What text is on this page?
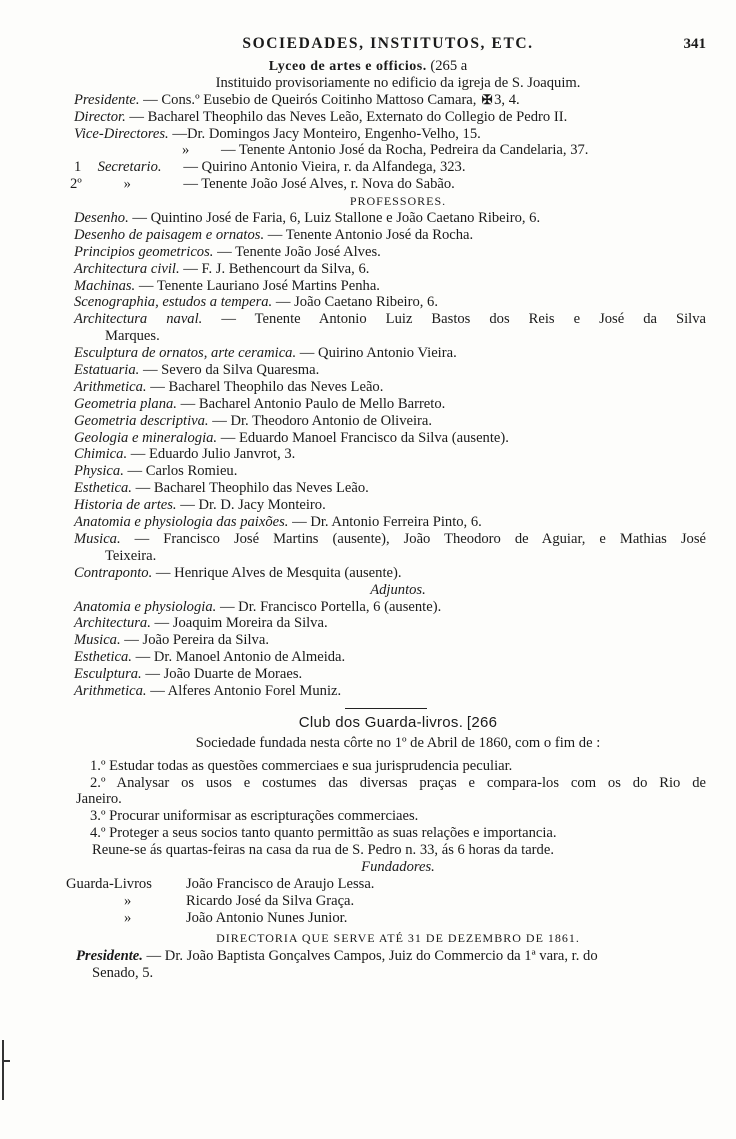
SOCIEDADES, INSTITUTOS, ETC.	341
Lyceo de artes e officios. (265 a
Instituido provisoriamente no edificio da igreja de S. Joaquim.
Presidente. — Cons.º Eusebio de Queirós Coitinho Mattoso Camara, ✠ 3, 4.
Director. — Bacharel Theophilo das Neves Leão, Externato do Collegio de Pedro II.
Vice-Directores. —Dr. Domingos Jacy Monteiro, Engenho-Velho, 15.
» — Tenente Antonio José da Rocha, Pedreira da Candelaria, 37.
1 Secretario. — Quirino Antonio Vieira, r. da Alfandega, 323.
2º	»	— Tenente João José Alves, r. Nova do Sabão.
PROFESSORES.
Desenho. — Quintino José de Faria, 6, Luiz Stallone e João Caetano Ribeiro, 6.
Desenho de paisagem e ornatos. — Tenente Antonio José da Rocha.
Principios geometricos. — Tenente João José Alves.
Architectura civil. — F. J. Bethencourt da Silva, 6.
Machinas. — Tenente Lauriano José Martins Penha.
Scenographia, estudos a tempera. — João Caetano Ribeiro, 6.
Architectura naval. — Tenente Antonio Luiz Bastos dos Reis e José da Silva
Marques.
Esculptura de ornatos, arte ceramica. — Quirino Antonio Vieira.
Estatuaria. — Severo da Silva Quaresma.
Arithmetica. — Bacharel Theophilo das Neves Leão.
Geometria plana. — Bacharel Antonio Paulo de Mello Barreto.
Geometria descriptiva. — Dr. Theodoro Antonio de Oliveira.
Geologia e mineralogia. — Eduardo Manoel Francisco da Silva (ausente).
Chimica. — Eduardo Julio Janvrot, 3.
Physica. — Carlos Romieu.
Esthetica. — Bacharel Theophilo das Neves Leão.
Historia de artes. — Dr. D. Jacy Monteiro.
Anatomia e physiologia das paixões. — Dr. Antonio Ferreira Pinto, 6.
Musica. — Francisco José Martins (ausente), João Theodoro de Aguiar, e Mathias José
Teixeira.
Contraponto. — Henrique Alves de Mesquita (ausente).
Adjuntos.
Anatomia e physiologia. — Dr. Francisco Portella, 6 (ausente).
Architectura. — Joaquim Moreira da Silva.
Musica. — João Pereira da Silva.
Esthetica. — Dr. Manoel Antonio de Almeida.
Esculptura. — João Duarte de Moraes.
Arithmetica. — Alferes Antonio Forel Muniz.
Club dos Guarda-livros. [266
Sociedade fundada nesta côrte no 1º de Abril de 1860, com o fim de :
1.º Estudar todas as questões commerciaes e sua jurisprudencia peculiar.
2.º Analysar os usos e costumes das diversas praças e compara-los com os do Rio de
Janeiro.
3.º Procurar uniformisar as escripturações commerciaes.
4.º Proteger a seus socios tanto quanto permittão as suas relações e importancia.
Reune-se ás quartas-feiras na casa da rua de S. Pedro n. 33, ás 6 horas da tarde.
Fundadores.
Guarda-Livros João Francisco de Araujo Lessa.
»	Ricardo José da Silva Graça.
»	João Antonio Nunes Junior.
DIRECTORIA QUE SERVE ATÉ 31 DE DEZEMBRO DE 1861.
Presidente. — Dr. João Baptista Gonçalves Campos, Juiz do Commercio da 1ª vara, r. do
Senado, 5.
